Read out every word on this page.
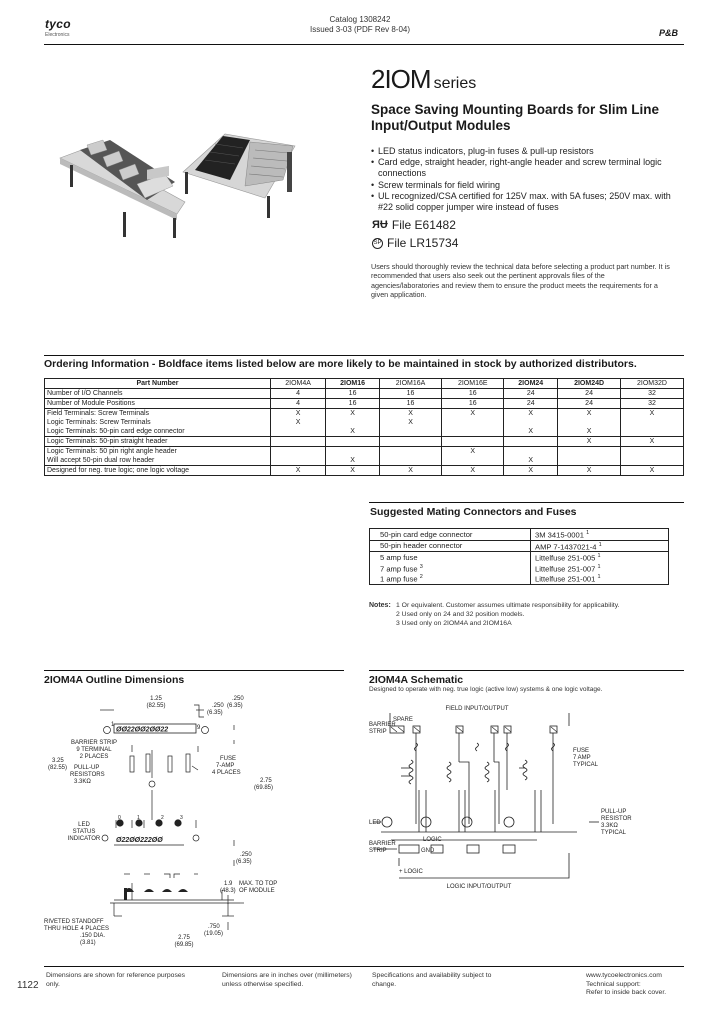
tyco
Electronics
Catalog 1308242
Issued 3-03 (PDF Rev 8-04)	P&B
2IOM series
Space Saving Mounting Boards for Slim Line Input/Output Modules
• LED status indicators, plug-in fuses & pull-up resistors
• Card edge, straight header, right-angle header and screw terminal logic connections
• Screw terminals for field wiring
• UL recognized/CSA certified for 125V max. with 5A fuses; 250V max. with #22 solid copper jumper wire instead of fuses
ЯɄ File E61482
SP File LR15734
Users should thoroughly review the technical data before selecting a product part number. It is recommended that users also seek out the pertinent approvals files of the agencies/laboratories and review them to ensure the product meets the requirements for a given application.
Ordering Information - Boldface items listed below are more likely to be maintained in stock by authorized distributors.
Part Number	2IOM4A	2IOM16	2IOM16A	2IOM16E	2IOM24	2IOM24D	2IOM32D
Number of I/O Channels	4	16	16	16	24	24	32
Number of Module Positions	4	16	16	16	24	24	32
Field Terminals: Screw Terminals	X	X	X	X	X	X	X
Logic Terminals: Screw Terminals	X		X				
Logic Terminals: 50-pin card edge connector		X			X	X	
Logic Terminals: 50-pin straight header						X	X
Logic Terminals: 50 pin right angle header				X			
Will accept 50-pin dual row header		X			X		
Designed for neg. true logic; one logic voltage	X	X	X	X	X	X	X
Suggested Mating Connectors and Fuses
50-pin card edge connector	3M 3415-0001 $^1$
50-pin header connector	AMP 7-1437021-4 $^1$
5 amp fuse	Littelfuse 251-005 $^1$
7 amp fuse $^3$	Littelfuse 251-007 $^1$
1 amp fuse $^2$	Littelfuse 251-001 $^1$
Notes: 1 Or equivalent. Customer assumes ultimate responsibility for applicability.
2 Used only on 24 and 32 position models.
3 Used only on 2IOM4A and 2IOM16A
2IOM4A Outline Dimensions
ØØ22ØØ2ØØ22
Ø22ØØ222ØØ
1.25
(82.55)	.250
(6.35)
.250
(6.35)
1	9
BARRIER STRIP
9 TERMINAL
2 PLACES
3.25
(82.55) PULL-UP
RESISTORS
3.3KΩ
FUSE
7-AMP
4 PLACES
2.75
(69.85)
0	1	2	3
LED
STATUS
INDICATOR
.250
(6.35)
1.9
(48.3)
MAX. TO TOP
OF MODULE
RIVETED STANDOFF
THRU HOLE 4 PLACES
.150 DIA.
(3.81)
.750
(19.05)
2.75
(69.85)
2IOM4A Schematic
Designed to operate with neg. true logic (active low) systems & one logic voltage.
FIELD INPUT/OUTPUT
SPARE
BARRIER
STRIP
FUSE
7 AMP
TYPICAL
LED
PULL-UP
RESISTOR
3.3KΩ
TYPICAL
LOGIC
GND
BARRIER
STRIP
+ LOGIC
LOGIC INPUT/OUTPUT
1122
Dimensions are shown for reference purposes only.
Dimensions are in inches over (millimeters) unless otherwise specified.
Specifications and availability subject to change.
www.tycoelectronics.com
Technical support:
Refer to inside back cover.
